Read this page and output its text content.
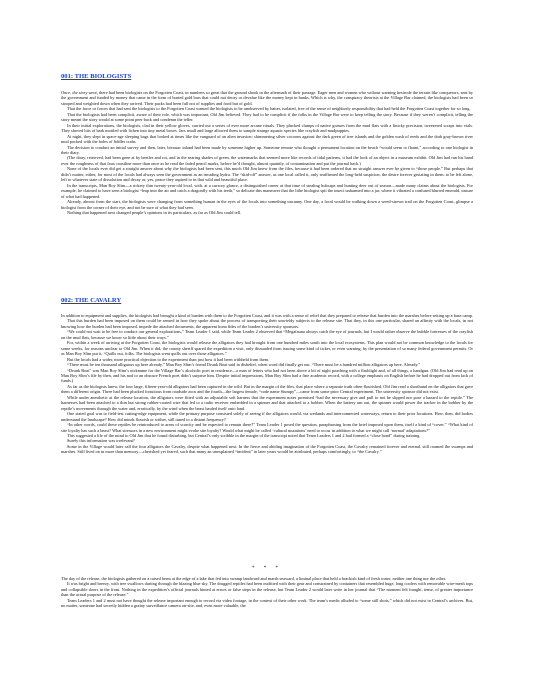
001: THE BIOLOGISTS

Once, the story went, there had been biologists on the Forgotten Coast, in numbers so great that the ground shook in the aftermath of their passage. Eager men and women who without warning bestrode the terrain like conquerors, sent by the government and funded by money that came in the form of buried gold bars that could not decay or devalue like the money kept in banks. Which is why, the conspiracy theorists at the Village Bar claimed, the biologists had been so stooped and weighted down when they arrived. Their packs had been full not of supplies and food but of gold.

That the force or forces that had sent the biologists to the Forgotten Coast wanted the biologists to be unobserved by batter, isolated, free of the sense of neighborly responsibility that had held the Forgotten Coast together for so long.

That the biologists had been complicit, aware of their role, which was important, Old Jim believed. They had to be complicit if the folks in the Village Bar were to keep telling the story. Because if they weren’t complicit, telling the story meant the story would at some point peer back and condemn the teller.

In their initial explorations, the biologists, clad in their yellow gloves, carried out a series of ever more arcane rituals. They plucked clumps of native grasses from the mud flats with a finicky precision, tweezered scraps into vials. They shoved bits of bark mottled with lichen into tiny metal boxes. Jars small and large allowed them to sample strange aquatic species like crayfish and mudpuppies.

At night, they slept in space-age sleeping bags that looked at times like the vanguard of an alien invasion: shimmering silver cocoons against the dark green of tree islands and the golden wash of reeds and the drab gray-brown river mud pocked with the holes of fiddler crabs.

The decision to conduct an initial survey and then, later, bivouac inland had been made by someone higher up. Someone remote who thought a permanent location on the beach “would seem to flaunt,” according to one biologist in their diary.

(The diary, retrieved, had been gone at by beetles and rot, and in the searing shades of green, the watermarks that seemed more like records of tidal patterns, it had the look of an object in a museum exhibit. Old Jim had run his hand over the roughness of that faux coastline more than once as he read the faded pencil marks, before he’d thought, almost quaintly, of contamination and put the journal back.)

None of the locals ever did get a straight answer about why the biologists had been sent, this much Old Jim knew from the files, because it had been ordered that no straight answer ever be given to “those people.” But perhaps that didn’t matter, either, for most of the locals had always seen the government as an invading hydra. The “skid-off” answer, as one local called it, only reaffirmed the long-held suspicion, the desire forever gestating in them: to be left alone, left to whatever state of dissolution and decay or, yes, peace they aspired to in that wild and beautiful place.

In the transcripts, Man Boy Slim—a rickety thin twenty-year-old local, with, at a cursory glance, a distinguished career at that time of stealing hubcaps and hunting deer out of season—made many claims about the biologists. For example, he claimed to have seen a biologist “leap into the air and catch a dragonfly with his teeth,” so delicate this maneuver that the lithe biologist spit the insect unharmed into a jar, where it vibrated a confused blurred emerald, unsure of what had happened.

Already, almost from the start, the biologists were changing from something human in the eyes of the locals into something uncanny. One day, a local would be walking down a weed-strewn trail on the Forgotten Coast, glimpse a biologist from the corner of their eye, and not be sure of what they had seen.

Nothing that happened next changed people’s opinions in its particulars, as far as Old Jim could tell.

002: THE CAVALRY

In addition to equipment and supplies, the biologists had brought a kind of burden with them to the Forgotten Coast, and it was with a sense of relief that they prepared to release that burden into the marshes before setting up a base camp.

That this burden had been imposed on them could be sensed in how they spoke about the process of transporting their unwieldy subjects to the release site. That they, in this one particular, shared an affinity with the locals, in not knowing how the burden had been imposed, impede the attached documents, the apparent bona fides of the burden’s university sponsors.

“We could not wait to be free to conduct our general explorations,” Team Leader 1 said, while Team Leader 2 observed that “Megafauna always catch the eye of journals, but I would rather observe the bubble fortresses of the crayfish on the mud flats, because we know so little about their ways.”

For, within a week of arriving at the Forgotten Coast, the biologists would release the alligators they had brought from one hundred miles south into the local ecosystems. This plan would not be common knowledge to the locals for some weeks, for reasons unclear to Old Jim. When it did, the county sheriff spared the expedition a visit, only dissuaded from issuing some kind of ticket, or even warning, by the presentation of so many federal government permits. Or as Man Boy Slim put it, “Quills out, folks. The biologists went quills out over those alligators.”

But the locals had a wider, more practical objection to the experiment than just how it had been withheld from them.

“There must be ten thousand alligators up here already,” Man Boy Slim’s friend Drunk Boat said in disbelief, when word did finally get out. “There must be a hundred million alligators up here. Already.”

“Drunk Boat” was Man Boy Slim’s nickname for the Village Bar’s alcoholic poet in residence—a man of letters who had not been above a bit of night poaching with a flashlight and, of all things, a handgun. (Old Jim had read up on Man Boy Slim’s file by then, and his nod to an obscure French poet didn’t surprise him. Despite initial impressions, Man Boy Slim had a fine academic record, with a college emphasis on English before he had dropped out from lack of funds.)

As far as the biologists knew, the four large, fifteen-year-old alligators had been captured in the wild. But in the margin of the files, that place where a separate truth often flourished, Old Jim read a shorthand on the alligators that gave them a different origin. Three had been plucked fortuitous from roadside zoos and the fourth—the largest female, “code name Stumpy”—came from some prior Central experiment. The university sponsor did not exist.

While under anesthetic at the release location, the alligators were fitted with an adjustable soft harness that the experiment notes promised “had the necessary give and pull to not be slipped nor pose a hazard to the reptile.” The harnesses had been attached to a thin but strong rubber-coated wire that led to a radio receiver embedded in a spinner and that attached to a bobber. When the battery ran out, the spinner would power the tracker in the bobber by the reptile’s movements through the water and, erratically, by the wind when the beast hauled itself onto land.

One stated goal was to field-test cutting-edge equipment, while the primary purpose consisted solely of seeing if the alligators would, via wetlands and interconnected waterways, return to their prior locations. How, then, did bodies understand the landscape? How did minds flourish or wither, still tuned to a distant frequency?

“In other words, could these reptiles be reintroduced to areas of scarcity and be expected to remain there?” Team Leader 1 posed the question, paraphrasing from the brief imposed upon them, itself a kind of “cover.” “What kind of site loyalty has such a beast? What stressors in a new environment might evoke site loyalty? Would what might be called ‘cultural mutations’ need to occur in addition to what we might call ‘normal’ adaptations?”

This suggested a life of the mind to Old Jim that he found disturbing, but Central’s only scribble in the margin of the transcript noted that Team Leaders 1 and 2 had formed a “close bond” during training.

Surely this information was irrelevant?

Some in the Village would later call the four alligators the Cavalry, despite what happened next. In the fierce and abiding imagination of the Forgotten Coast, the Cavalry remained forever and eternal, still roamed the swamps and marshes. Still lived on in more than memory—cherished yet feared, such that many an unexplained “incident” in later years would be attributed, perhaps comfortingly, to “the Cavalry.”

* * *

The day of the release, the biologists gathered on a raised berm at the edge of a lake that fed into swamp landward and marsh seaward, a liminal place that held a brackish kind of fresh water, neither one thing nor the other.

It was bright and breezy, with tree swallows darting through the blazing blue sky. The drugged reptiles had been outfitted with their gear and constrained by containers that resembled huge, long coolers with removable wire-mesh tops and collapsible doors in the front. Nothing in the expedition’s official journals hinted at errors or false steps in the release, but Team Leader 2 would later write in her journal that “The moment felt fraught, tense, of greater importance than the actual purpose of the release.”

Team Leaders 1 and 2 must not have thought the release important enough to record via video footage, in the context of their other work. The team’s medic alluded to “some still shots,” which did not exist in Central’s archives. But, no matter, someone had secretly hidden a grainy surveillance camera on-site, and, even more valuable, the
